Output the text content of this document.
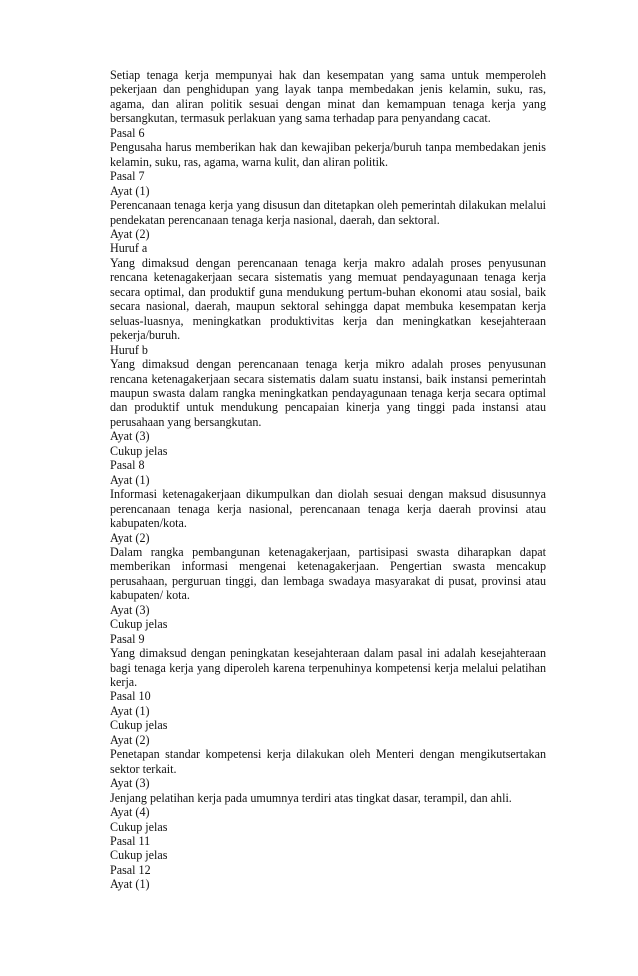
Setiap tenaga kerja mempunyai hak dan kesempatan yang sama untuk memperoleh pekerjaan dan penghidupan yang layak tanpa membedakan jenis kelamin, suku, ras, agama, dan aliran politik sesuai dengan minat dan kemampuan tenaga kerja yang bersangkutan, termasuk perlakuan yang sama terhadap para penyandang cacat.

Pasal 6

Pengusaha harus memberikan hak dan kewajiban pekerja/buruh tanpa membedakan jenis kelamin, suku, ras, agama, warna kulit, dan aliran politik.

Pasal 7
Ayat (1)

Perencanaan tenaga kerja yang disusun dan ditetapkan oleh pemerintah dilakukan melalui pendekatan perencanaan tenaga kerja nasional, daerah, dan sektoral.

Ayat (2)
Huruf a

Yang dimaksud dengan perencanaan tenaga kerja makro adalah proses penyusunan rencana ketenagakerjaan secara sistematis yang memuat pendayagunaan tenaga kerja secara optimal, dan produktif guna mendukung pertum-buhan ekonomi atau sosial, baik secara nasional, daerah, maupun sektoral sehingga dapat membuka kesempatan kerja seluas-luasnya, meningkatkan produktivitas kerja dan meningkatkan kesejahteraan pekerja/buruh.

Huruf b

Yang dimaksud dengan perencanaan tenaga kerja mikro adalah proses penyusunan rencana ketenagakerjaan secara sistematis dalam suatu instansi, baik instansi pemerintah maupun swasta dalam rangka meningkatkan pendayagunaan tenaga kerja secara optimal dan produktif untuk mendukung pencapaian kinerja yang tinggi pada instansi atau perusahaan yang bersangkutan.

Ayat (3)
Cukup jelas
Pasal 8
Ayat (1)

Informasi ketenagakerjaan dikumpulkan dan diolah sesuai dengan maksud disusunnya perencanaan tenaga kerja nasional, perencanaan tenaga kerja daerah provinsi atau kabupaten/kota.

Ayat (2)

Dalam rangka pembangunan ketenagakerjaan, partisipasi swasta diharapkan dapat memberikan informasi mengenai ketenagakerjaan. Pengertian swasta mencakup perusahaan, perguruan tinggi, dan lembaga swadaya masyarakat di pusat, provinsi atau kabupaten/ kota.

Ayat (3)
Cukup jelas
Pasal 9

Yang dimaksud dengan peningkatan kesejahteraan dalam pasal ini adalah kesejahteraan bagi tenaga kerja yang diperoleh karena terpenuhinya kompetensi kerja melalui pelatihan kerja.

Pasal 10
Ayat (1)
Cukup jelas
Ayat (2)

Penetapan standar kompetensi kerja dilakukan oleh Menteri dengan mengikutsertakan sektor terkait.

Ayat (3)

Jenjang pelatihan kerja pada umumnya terdiri atas tingkat dasar, terampil, dan ahli.

Ayat (4)
Cukup jelas
Pasal 11
Cukup jelas
Pasal 12
Ayat (1)
